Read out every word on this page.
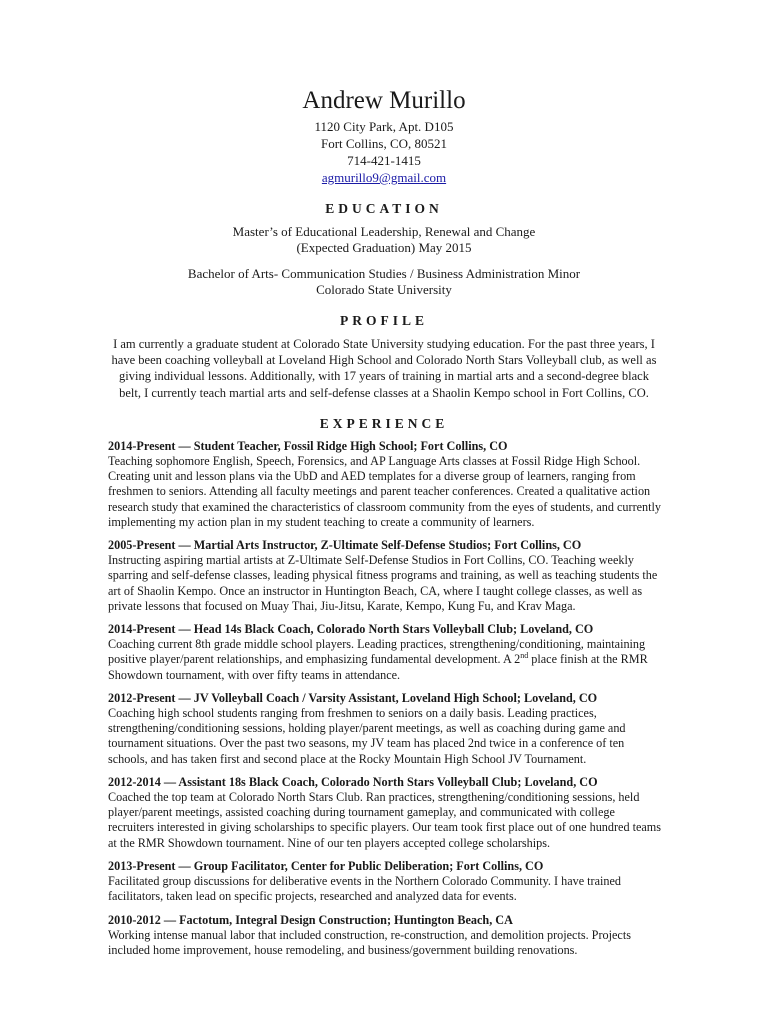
Andrew Murillo
1120 City Park, Apt. D105
Fort Collins, CO, 80521
714-421-1415
agmurillo9@gmail.com
EDUCATION
Master’s of Educational Leadership, Renewal and Change
(Expected Graduation) May 2015
Bachelor of Arts- Communication Studies / Business Administration Minor
Colorado State University
PROFILE
I am currently a graduate student at Colorado State University studying education. For the past three years, I have been coaching volleyball at Loveland High School and Colorado North Stars Volleyball club, as well as giving individual lessons. Additionally, with 17 years of training in martial arts and a second-degree black belt, I currently teach martial arts and self-defense classes at a Shaolin Kempo school in Fort Collins, CO.
EXPERIENCE
2014-Present — Student Teacher, Fossil Ridge High School; Fort Collins, CO
Teaching sophomore English, Speech, Forensics, and AP Language Arts classes at Fossil Ridge High School. Creating unit and lesson plans via the UbD and AED templates for a diverse group of learners, ranging from freshmen to seniors. Attending all faculty meetings and parent teacher conferences. Created a qualitative action research study that examined the characteristics of classroom community from the eyes of students, and currently implementing my action plan in my student teaching to create a community of learners.
2005-Present — Martial Arts Instructor, Z-Ultimate Self-Defense Studios; Fort Collins, CO
Instructing aspiring martial artists at Z-Ultimate Self-Defense Studios in Fort Collins, CO. Teaching weekly sparring and self-defense classes, leading physical fitness programs and training, as well as teaching students the art of Shaolin Kempo. Once an instructor in Huntington Beach, CA, where I taught college classes, as well as private lessons that focused on Muay Thai, Jiu-Jitsu, Karate, Kempo, Kung Fu, and Krav Maga.
2014-Present — Head 14s Black Coach, Colorado North Stars Volleyball Club; Loveland, CO
Coaching current 8th grade middle school players. Leading practices, strengthening/conditioning, maintaining positive player/parent relationships, and emphasizing fundamental development. A 2nd place finish at the RMR Showdown tournament, with over fifty teams in attendance.
2012-Present — JV Volleyball Coach / Varsity Assistant, Loveland High School; Loveland, CO
Coaching high school students ranging from freshmen to seniors on a daily basis. Leading practices, strengthening/conditioning sessions, holding player/parent meetings, as well as coaching during game and tournament situations. Over the past two seasons, my JV team has placed 2nd twice in a conference of ten schools, and has taken first and second place at the Rocky Mountain High School JV Tournament.
2012-2014 — Assistant 18s Black Coach, Colorado North Stars Volleyball Club; Loveland, CO
Coached the top team at Colorado North Stars Club. Ran practices, strengthening/conditioning sessions, held player/parent meetings, assisted coaching during tournament gameplay, and communicated with college recruiters interested in giving scholarships to specific players. Our team took first place out of one hundred teams at the RMR Showdown tournament. Nine of our ten players accepted college scholarships.
2013-Present — Group Facilitator, Center for Public Deliberation; Fort Collins, CO
Facilitated group discussions for deliberative events in the Northern Colorado Community. I have trained facilitators, taken lead on specific projects, researched and analyzed data for events.
2010-2012 — Factotum, Integral Design Construction; Huntington Beach, CA
Working intense manual labor that included construction, re-construction, and demolition projects. Projects included home improvement, house remodeling, and business/government building renovations.
